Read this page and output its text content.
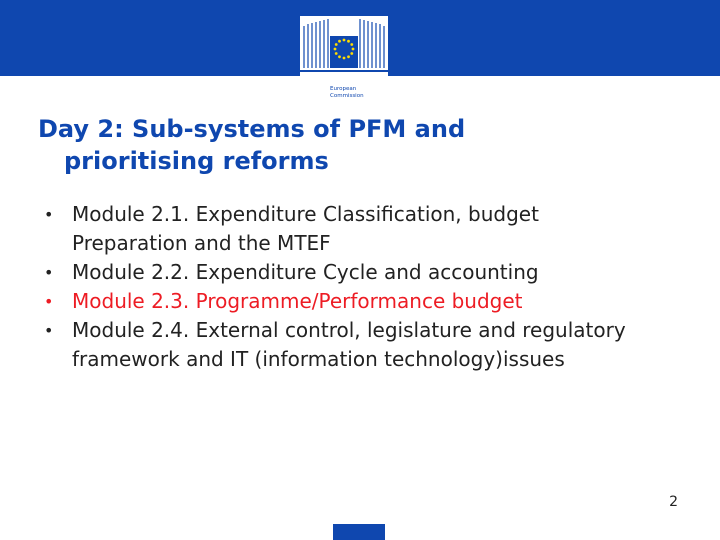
European
Commission
Day 2: Sub-systems of PFM and
prioritising reforms
• Module 2.1. Expenditure Classification, budget Preparation and the MTEF
• Module 2.2. Expenditure Cycle and accounting
• Module 2.3. Programme/Performance budget
• Module 2.4. External control, legislature and regulatory framework and IT (information technology)issues
2
